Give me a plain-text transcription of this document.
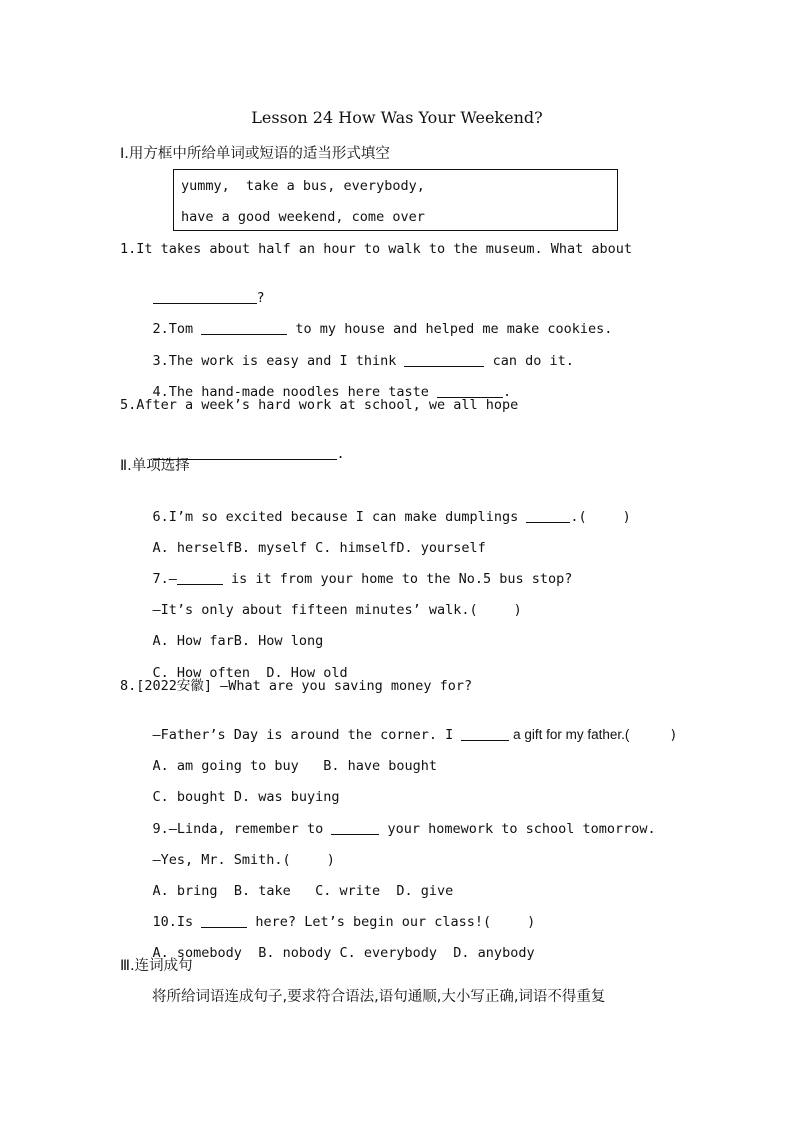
Lesson 24 How Was Your Weekend?
Ⅰ.用方框中所给单词或短语的适当形式填空
yummy,  take a bus, everybody,
have a good weekend, come over
1.It takes about half an hour to walk to the museum. What about

?

2.Tom	to my house and helped me make cookies.

3.The work is easy and I think	can do it.

4.The hand-made noodles here taste	.

5.After a week’s hard work at school, we all hope

.

Ⅱ.单项选择

6.I’m so excited because I can make dumplings	.(	)

A. herselfB. myself C. himselfD. yourself

7.—	is it from your home to the No.5 bus stop?

—It’s only about fifteen minutes’ walk.(	)

A. How farB. How long

C. How often D. How old

8.[2022安徽] —What are you saving money for?

—Father’s Day is around the corner. I	a gift for my father.(	)

A. am going to buy B. have bought

C. bought D. was buying

9.—Linda, remember to	your homework to school tomorrow.

—Yes, Mr. Smith.(	)

A. bring B. take C. write D. give

10.Is	here? Let’s begin our class!(	)

A. somebody B. nobody C. everybody D. anybody

Ⅲ.连词成句
将所给词语连成句子,要求符合语法,语句通顺,大小写正确,词语不得重复
